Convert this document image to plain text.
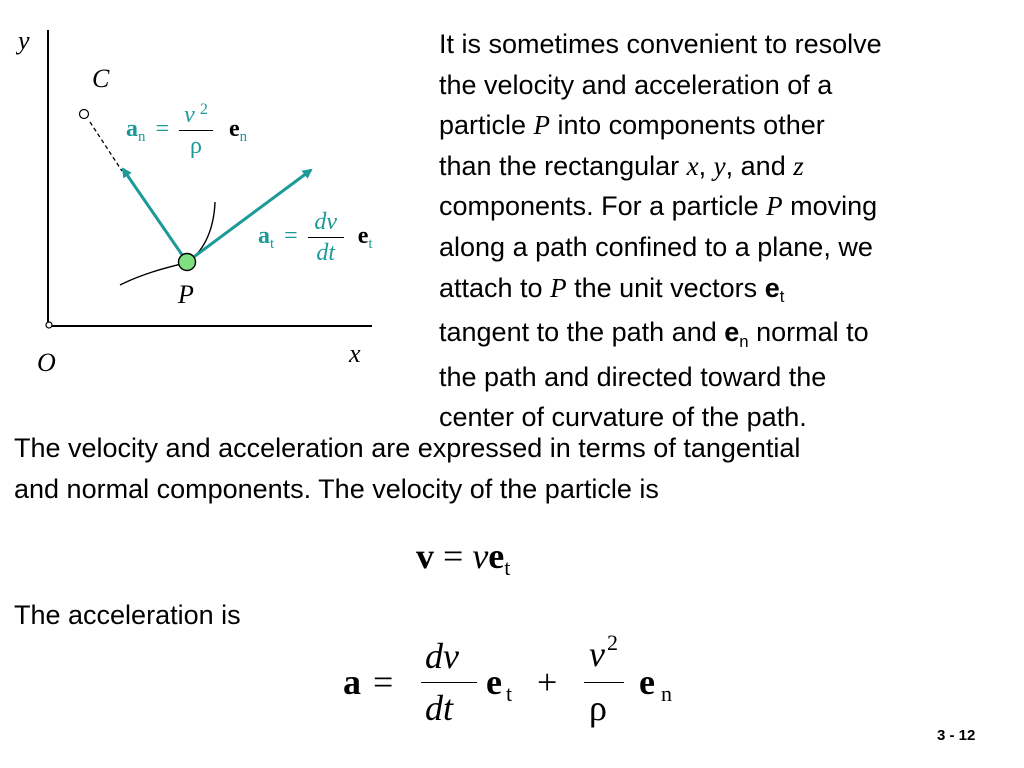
y
x
O
C
P
an = $\frac{v ^2}{\rho}$ en
at = $\frac{dv}{dt}$ et
It is sometimes convenient to resolve
the velocity and acceleration of a
particle P into components other
than the rectangular x, y, and z
components. For a particle P moving
along a path confined to a plane, we
attach to P the unit vectors et
tangent to the path and en normal to
the path and directed toward the
center of curvature of the path.
The velocity and acceleration are expressed in terms of tangential
and normal components. The velocity of the particle is
v = vet
The acceleration is
a =
dv
dt
e t +
v 2
ρ
e n
3 - 12
